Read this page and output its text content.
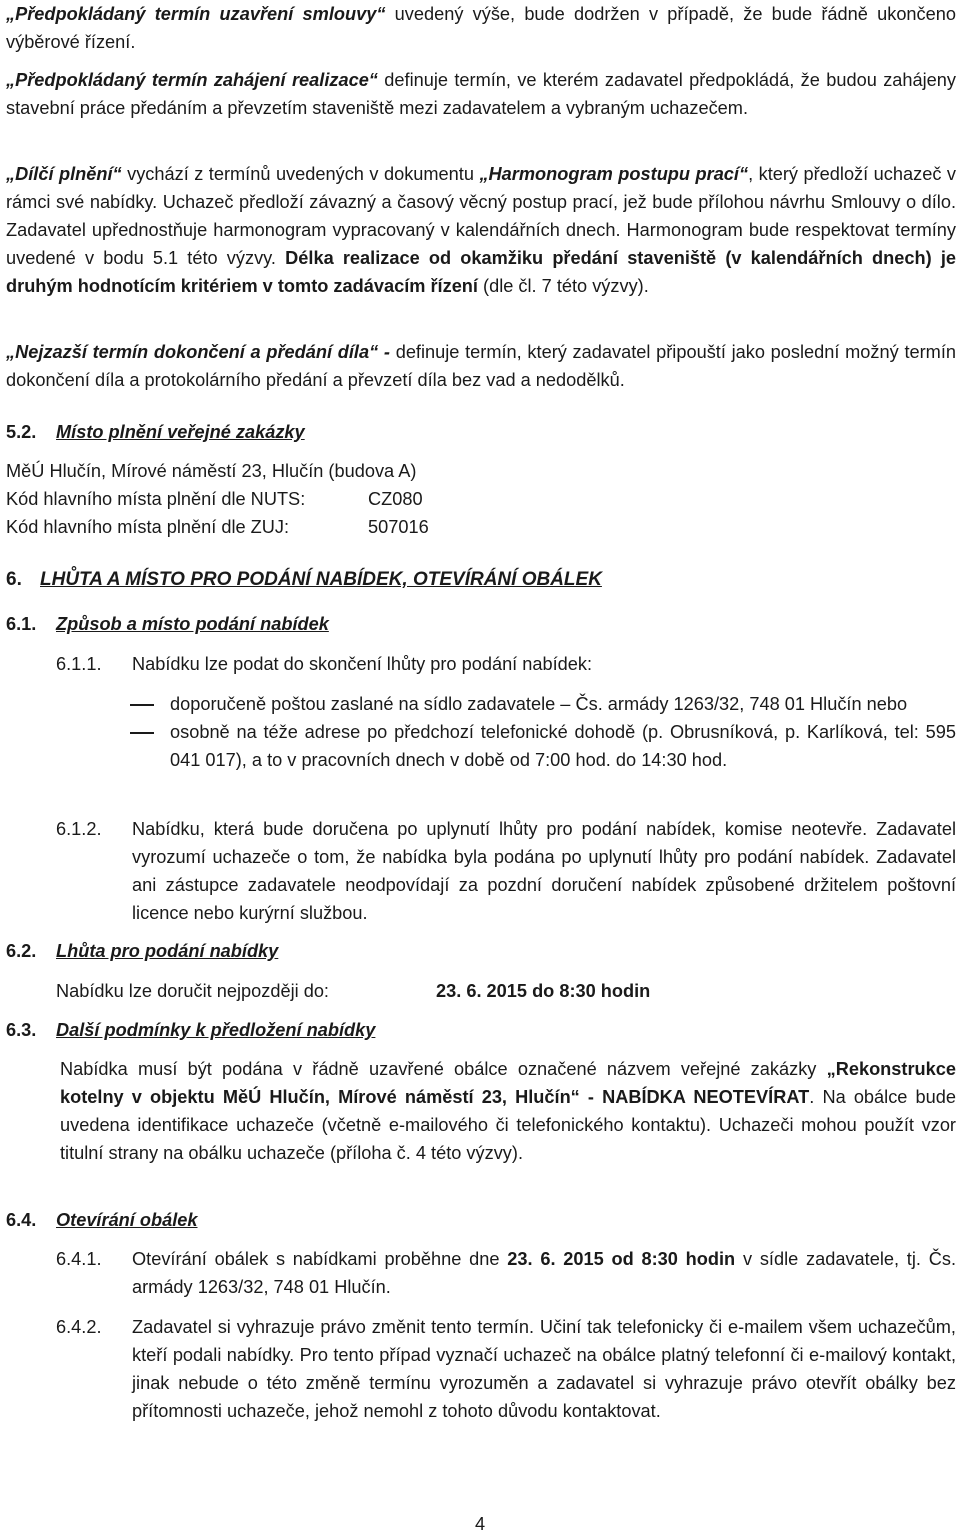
„Předpokládaný termín uzavření smlouvy“ uvedený výše, bude dodržen v případě, že bude řádně ukončeno výběrové řízení.

„Předpokládaný termín zahájení realizace“ definuje termín, ve kterém zadavatel předpokládá, že budou zahájeny stavební práce předáním a převzetím staveniště mezi zadavatelem a vybraným uchazečem.

„Dílčí plnění“ vychází z termínů uvedených v dokumentu „Harmonogram postupu prací“, který předloží uchazeč v rámci své nabídky. Uchazeč předloží závazný a časový věcný postup prací, jež bude přílohou návrhu Smlouvy o dílo. Zadavatel upřednostňuje harmonogram vypracovaný v kalendářních dnech. Harmonogram bude respektovat termíny uvedené v bodu 5.1 této výzvy. Délka realizace od okamžiku předání staveniště (v kalendářních dnech) je druhým hodnotícím kritériem v tomto zadávacím řízení (dle čl. 7 této výzvy).

„Nejzazší termín dokončení a předání díla“ - definuje termín, který zadavatel připouští jako poslední možný termín dokončení díla a protokolárního předání a převzetí díla bez vad a nedodělků.

5.2.	Místo plnění veřejné zakázky

MěÚ Hlučín, Mírové náměstí 23, Hlučín (budova A)

Kód hlavního místa plnění dle NUTS:	CZ080
Kód hlavního místa plnění dle ZUJ:	507016
6. LHŮTA A MÍSTO PRO PODÁNÍ NABÍDEK, OTEVÍRÁNÍ OBÁLEK
6.1.	Způsob a místo podání nabídek
6.1.1.	Nabídku lze podat do skončení lhůty pro podání nabídek:
doporučeně poštou zaslané na sídlo zadavatele – Čs. armády 1263/32, 748 01 Hlučín nebo
osobně na téže adrese po předchozí telefonické dohodě (p. Obrusníková, p. Karlíková, tel: 595 041 017), a to v pracovních dnech v době od 7:00 hod. do 14:30 hod.
6.1.2.	Nabídku, která bude doručena po uplynutí lhůty pro podání nabídek, komise neotevře. Zadavatel vyrozumí uchazeče o tom, že nabídka byla podána po uplynutí lhůty pro podání nabídek. Zadavatel ani zástupce zadavatele neodpovídají za pozdní doručení nabídek způsobené držitelem poštovní licence nebo kurýrní službou.
6.2.	Lhůta pro podání nabídky
Nabídku lze doručit nejpozději do:	23. 6. 2015 do 8:30 hodin
6.3.	Další podmínky k předložení nabídky

Nabídka musí být podána v řádně uzavřené obálce označené názvem veřejné zakázky „Rekonstrukce kotelny v objektu MěÚ Hlučín, Mírové náměstí 23, Hlučín“ - NABÍDKA NEOTEVÍRAT. Na obálce bude uvedena identifikace uchazeče (včetně e-mailového či telefonického kontaktu). Uchazeči mohou použít vzor titulní strany na obálku uchazeče (příloha č. 4 této výzvy).

6.4.	Otevírání obálek
6.4.1.	Otevírání obálek s nabídkami proběhne dne 23. 6. 2015 od 8:30 hodin v sídle zadavatele, tj. Čs. armády 1263/32, 748 01 Hlučín.
6.4.2.	Zadavatel si vyhrazuje právo změnit tento termín. Učiní tak telefonicky či e-mailem všem uchazečům, kteří podali nabídky. Pro tento případ vyznačí uchazeč na obálce platný telefonní či e-mailový kontakt, jinak nebude o této změně termínu vyrozuměn a zadavatel si vyhrazuje právo otevřít obálky bez přítomnosti uchazeče, jehož nemohl z tohoto důvodu kontaktovat.
4
